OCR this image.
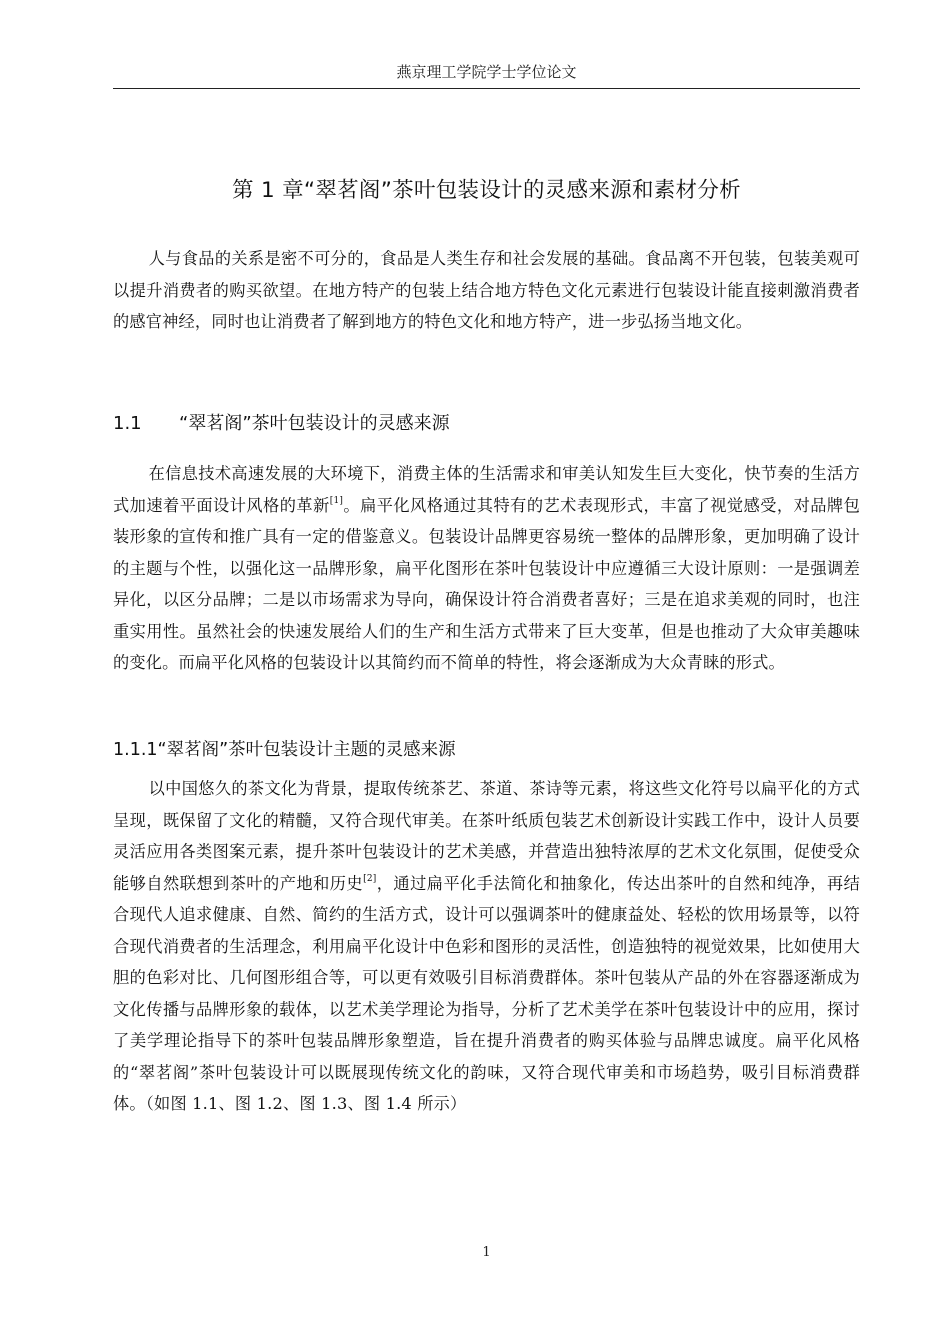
燕京理工学院学士学位论文
第 1 章“翠茗阁”茶叶包装设计的灵感来源和素材分析

人与食品的关系是密不可分的，食品是人类生存和社会发展的基础。食品离不开包装，包装美观可以提升消费者的购买欲望。在地方特产的包装上结合地方特色文化元素进行包装设计能直接刺激消费者的感官神经，同时也让消费者了解到地方的特色文化和地方特产，进一步弘扬当地文化。

1.1 “翠茗阁”茶叶包装设计的灵感来源

在信息技术高速发展的大环境下，消费主体的生活需求和审美认知发生巨大变化，快节奏的生活方式加速着平面设计风格的革新[1]。扁平化风格通过其特有的艺术表现形式，丰富了视觉感受，对品牌包装形象的宣传和推广具有一定的借鉴意义。包装设计品牌更容易统一整体的品牌形象，更加明确了设计的主题与个性，以强化这一品牌形象，扁平化图形在茶叶包装设计中应遵循三大设计原则：一是强调差异化，以区分品牌；二是以市场需求为导向，确保设计符合消费者喜好；三是在追求美观的同时，也注重实用性。虽然社会的快速发展给人们的生产和生活方式带来了巨大变革，但是也推动了大众审美趣味的变化。而扁平化风格的包装设计以其简约而不简单的特性，将会逐渐成为大众青睐的形式。

1.1.1“翠茗阁”茶叶包装设计主题的灵感来源

以中国悠久的茶文化为背景，提取传统茶艺、茶道、茶诗等元素，将这些文化符号以扁平化的方式呈现，既保留了文化的精髓，又符合现代审美。在茶叶纸质包装艺术创新设计实践工作中，设计人员要灵活应用各类图案元素，提升茶叶包装设计的艺术美感，并营造出独特浓厚的艺术文化氛围，促使受众能够自然联想到茶叶的产地和历史[2]，通过扁平化手法简化和抽象化，传达出茶叶的自然和纯净，再结合现代人追求健康、自然、简约的生活方式，设计可以强调茶叶的健康益处、轻松的饮用场景等，以符合现代消费者的生活理念，利用扁平化设计中色彩和图形的灵活性，创造独特的视觉效果，比如使用大胆的色彩对比、几何图形组合等，可以更有效吸引目标消费群体。茶叶包装从产品的外在容器逐渐成为文化传播与品牌形象的载体，以艺术美学理论为指导，分析了艺术美学在茶叶包装设计中的应用，探讨了美学理论指导下的茶叶包装品牌形象塑造，旨在提升消费者的购买体验与品牌忠诚度。扁平化风格的“翠茗阁”茶叶包装设计可以既展现传统文化的韵味，又符合现代审美和市场趋势，吸引目标消费群体。（如图 1.1、图 1.2、图 1.3、图 1.4 所示）

1
